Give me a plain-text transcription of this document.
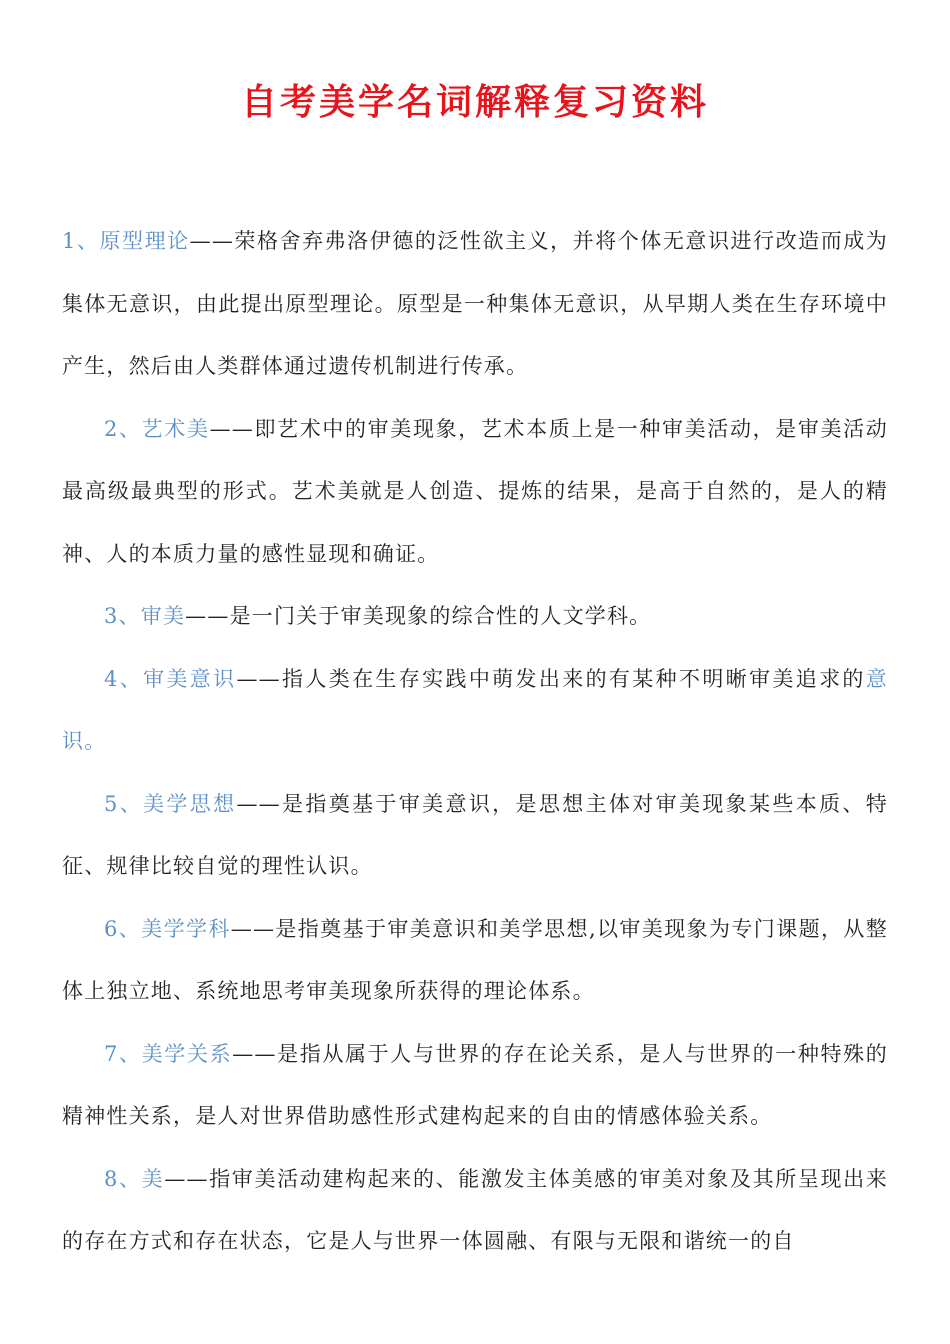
自考美学名词解释复习资料

1、原型理论——荣格舍弃弗洛伊德的泛性欲主义，并将个体无意识进行改造而成为集体无意识，由此提出原型理论。原型是一种集体无意识，从早期人类在生存环境中产生，然后由人类群体通过遗传机制进行传承。

2、艺术美——即艺术中的审美现象，艺术本质上是一种审美活动，是审美活动最高级最典型的形式。艺术美就是人创造、提炼的结果，是高于自然的，是人的精神、人的本质力量的感性显现和确证。

3、审美——是一门关于审美现象的综合性的人文学科。

4、审美意识——指人类在生存实践中萌发出来的有某种不明晰审美追求的意识。

5、美学思想——是指奠基于审美意识，是思想主体对审美现象某些本质、特征、规律比较自觉的理性认识。

6、美学学科——是指奠基于审美意识和美学思想,以审美现象为专门课题，从整体上独立地、系统地思考审美现象所获得的理论体系。

7、美学关系——是指从属于人与世界的存在论关系，是人与世界的一种特殊的精神性关系，是人对世界借助感性形式建构起来的自由的情感体验关系。

8、美——指审美活动建构起来的、能激发主体美感的审美对象及其所呈现出来的存在方式和存在状态，它是人与世界一体圆融、有限与无限和谐统一的自
